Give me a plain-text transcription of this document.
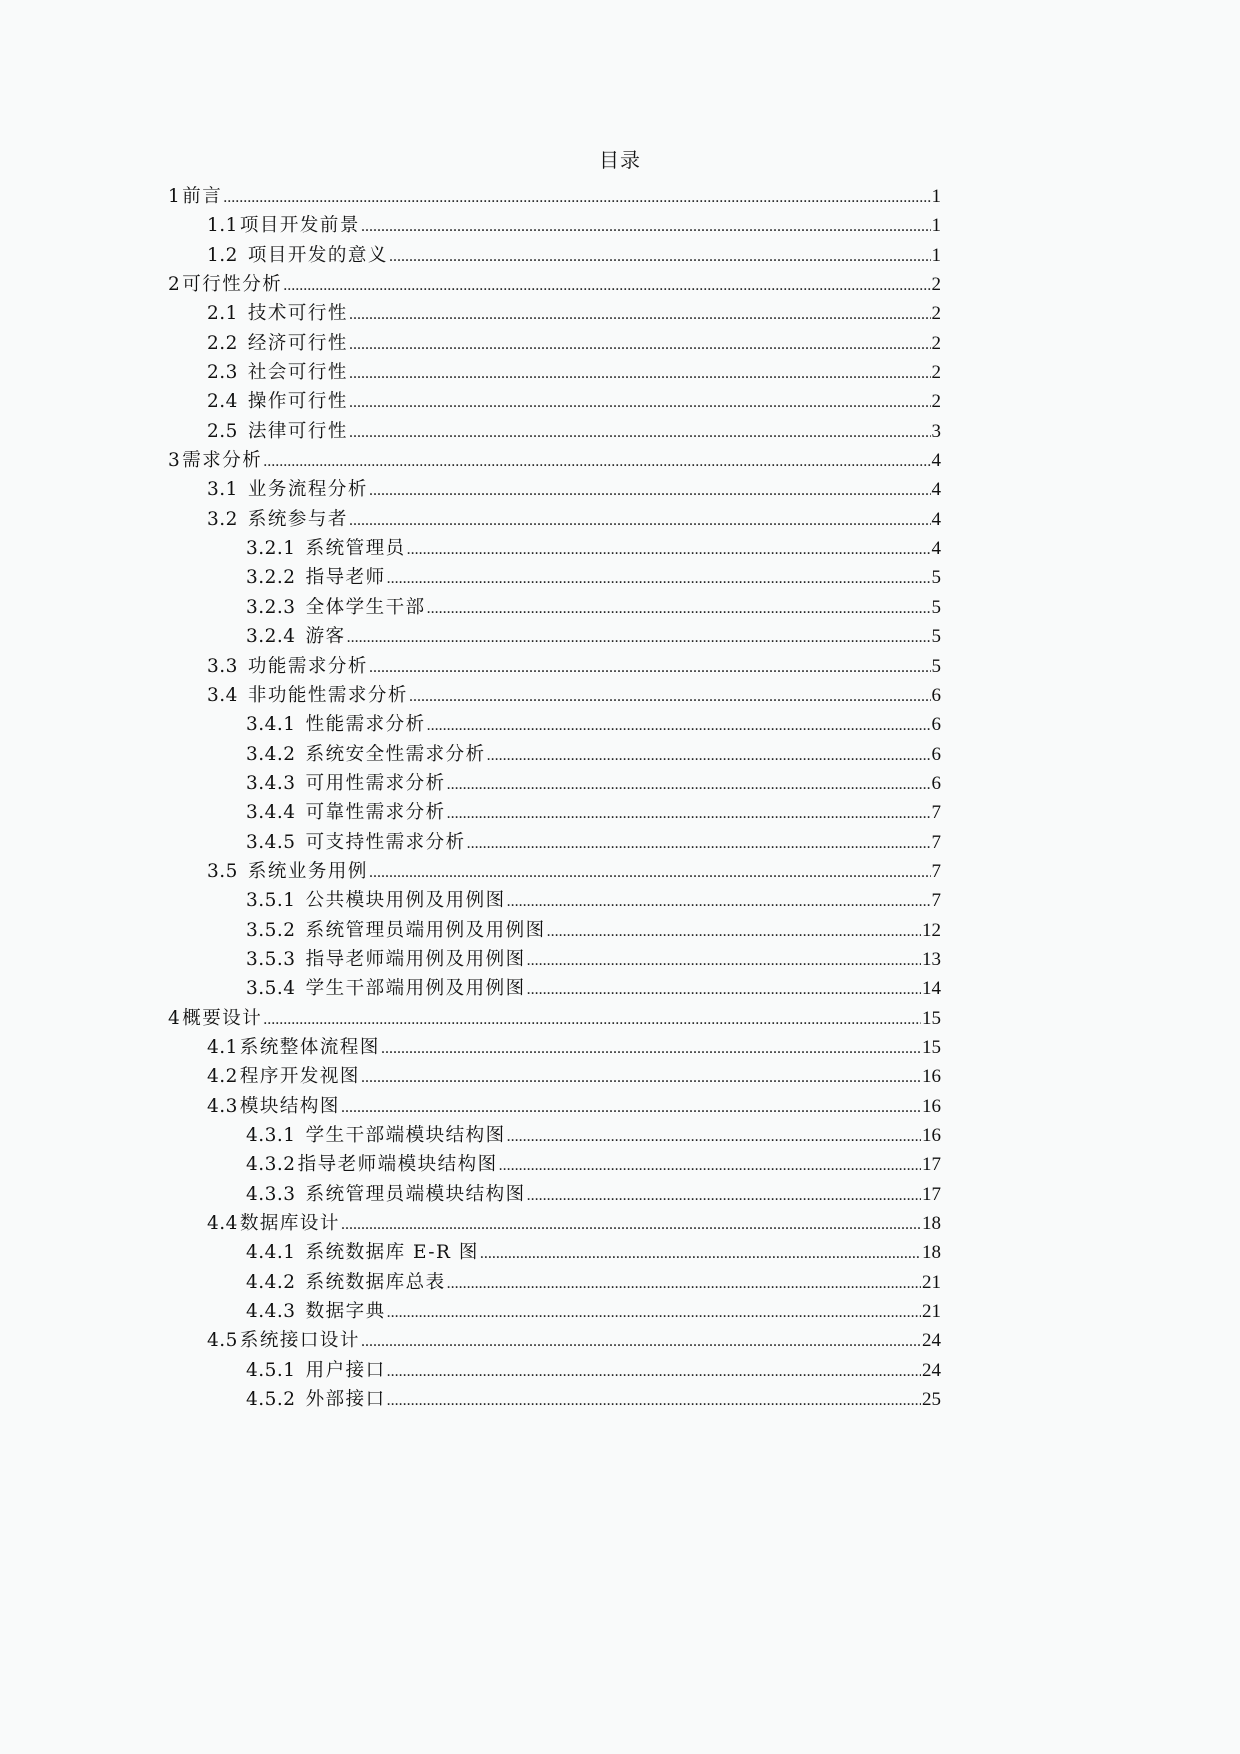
目录
1 前言 .....	1
1.1 项目开发前景 .....	1
1.2 项目开发的意义 .....	1
2 可行性分析 .....	2
2.1 技术可行性 .....	2
2.2 经济可行性 .....	2
2.3 社会可行性 .....	2
2.4 操作可行性 .....	2
2.5 法律可行性 .....	3
3 需求分析 .....	4
3.1 业务流程分析 .....	4
3.2 系统参与者 .....	4
3.2.1 系统管理员 .....	4
3.2.2 指导老师 .....	5
3.2.3 全体学生干部 .....	5
3.2.4 游客 .....	5
3.3 功能需求分析 .....	5
3.4 非功能性需求分析 .....	6
3.4.1 性能需求分析 .....	6
3.4.2 系统安全性需求分析 .....	6
3.4.3 可用性需求分析 .....	6
3.4.4 可靠性需求分析 .....	7
3.4.5 可支持性需求分析 .....	7
3.5 系统业务用例 .....	7
3.5.1 公共模块用例及用例图 .....	7
3.5.2 系统管理员端用例及用例图 .....	12
3.5.3 指导老师端用例及用例图 .....	13
3.5.4 学生干部端用例及用例图 .....	14
4 概要设计 .....	15
4.1 系统整体流程图 .....	15
4.2 程序开发视图 .....	16
4.3 模块结构图 .....	16
4.3.1 学生干部端模块结构图 .....	16
4.3.2 指导老师端模块结构图 .....	17
4.3.3 系统管理员端模块结构图 .....	17
4.4 数据库设计 .....	18
4.4.1 系统数据库 E-R 图 .....	18
4.4.2 系统数据库总表 .....	21
4.4.3 数据字典 .....	21
4.5 系统接口设计 .....	24
4.5.1 用户接口 .....	24
4.5.2 外部接口 .....	25
